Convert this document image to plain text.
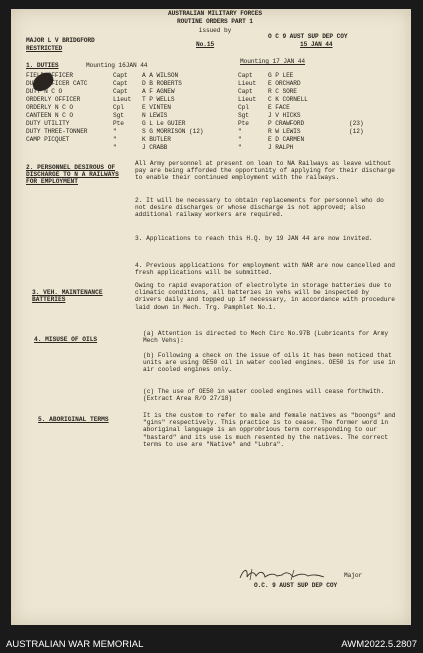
AUSTRALIAN MILITARY FORCES
ROUTINE ORDERS PART 1
issued by
MAJOR L V BRIDGFORD
RESTRICTED
No.15
O C 9 AUST SUP DEP COY
15 JAN 44
1. DUTIES	Mounting 16JAN 44
Mounting 17 JAN 44
FIELD OFFICER	Capt A A WILSON	Capt	G P LEE
DUTY OFFICER CATC	Capt D B ROBERTS	Lieut E ORCHARD
DUTY N C O	Capt A F AGNEW	Capt	R C SORE
ORDERLY OFFICER	Lieut T P WELLS	Lieut C K CORNELL
ORDERLY N C O	Cpl	E VINTEN	Cpl	E FACE
CANTEEN N C O	Sgt	N LEWIS	Sgt	J V HICKS
DUTY UTILITY	Pte	G L Le GUIER	Pte	P CRAWFORD	(23)
DUTY THREE-TONNER	"	S G MORRISON (12)	"	R W LEWIS	(12)
CAMP PICQUET	"	K BUTLER	"	E D CARMEN
"	J CRABB	"	J RALPH
2. PERSONNEL DESIROUS OF DISCHARGE TO N A RAILWAYS FOR EMPLOYMENT
All Army personnel at present on loan to NA Railways as leave without pay are being afforded the opportunity of applying for their discharge to enable their continued employment with the railways.
2. It will be necessary to obtain replacements for personnel who do not desire discharges or whose discharge is not approved; also additional railway workers are required.
3. Applications to reach this H.Q. by 19 JAN 44 are now invited.
4. Previous applications for employment with NAR are now cancelled and fresh applications will be submitted.
3. VEH. MAINTENANCE BATTERIES
Owing to rapid evaporation of electrolyte in storage batteries due to climatic conditions, all batteries in vehs will be inspected by drivers daily and topped up if necessary, in accordance with procedure laid down in Mech. Trg. Pamphlet No.1.
4. MISUSE OF OILS
(a) Attention is directed to Mech Circ No.97B (Lubricants for Army Mech Vehs):
(b) Following a check on the issue of oils it has been noticed that units are using OE50 oil in water cooled engines. OE50 is for use in air cooled engines only.
(c) The use of OE50 in water cooled engines will cease forthwith. (Extract Area R/O 27/18)
5. ABORIGINAL TERMS
It is the custom to refer to male and female natives as "boongs" and "gins" respectively. This practice is to cease. The former word in aboriginal language is an opprobrious term corresponding to our "bastard" and its use is much resented by the natives. The correct terms to use are "Native" and "Lubra".
Major
O.C. 9 AUST SUP DEP COY
AUSTRALIAN WAR MEMORIAL	AWM2022.5.2807
